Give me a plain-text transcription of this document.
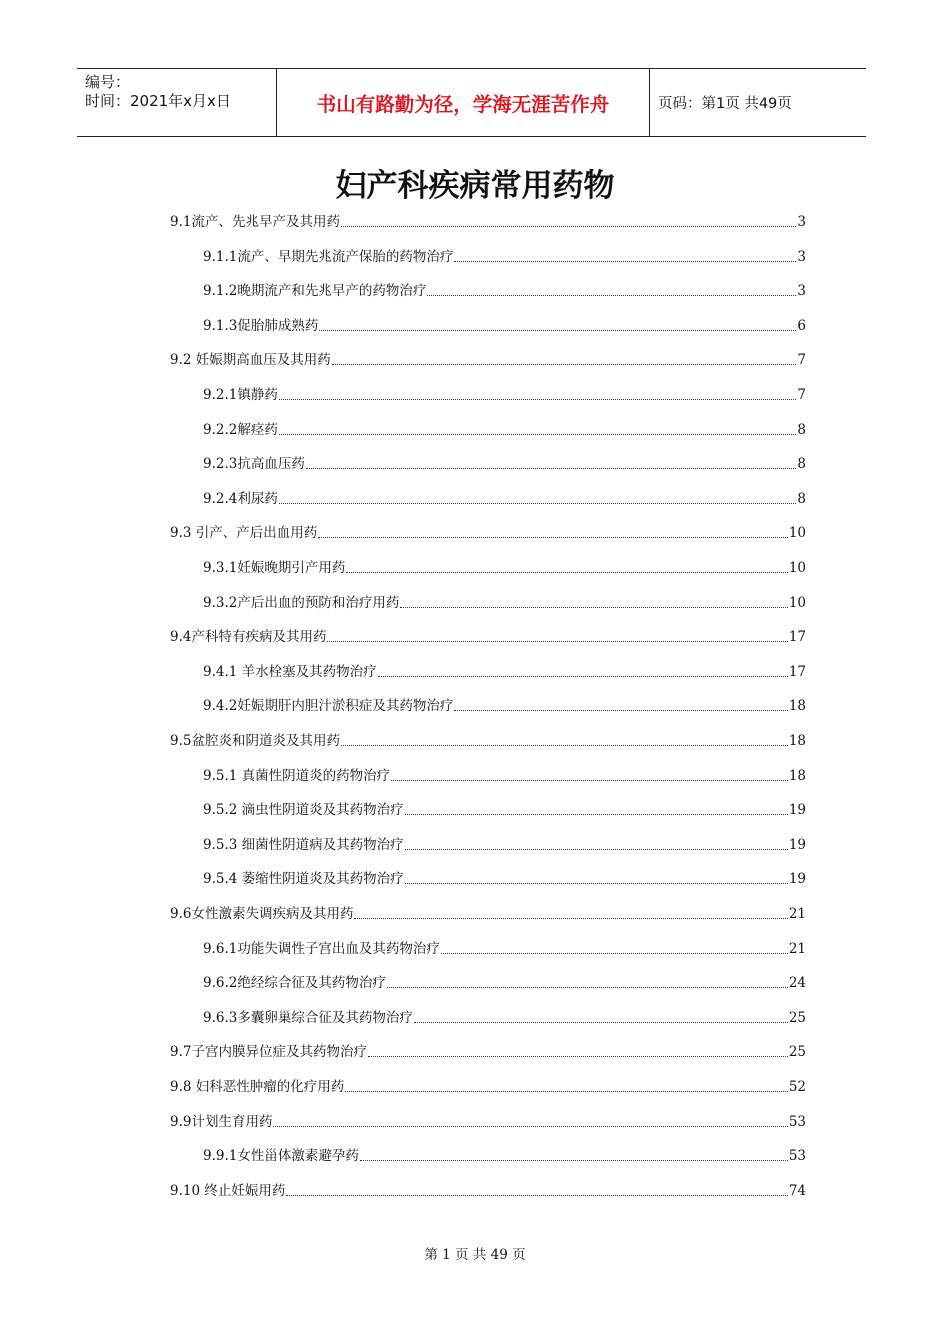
编号：
时间：2021年x月x日	书山有路勤为径，学海无涯苦作舟	页码：第1页 共49页
妇产科疾病常用药物
9.1流产、先兆早产及其用药	3
9.1.1流产、早期先兆流产保胎的药物治疗	3
9.1.2晚期流产和先兆早产的药物治疗	3
9.1.3促胎肺成熟药	6
9.2 妊娠期高血压及其用药	7
9.2.1镇静药	7
9.2.2解痉药	8
9.2.3抗高血压药	8
9.2.4利尿药	8
9.3 引产、产后出血用药	10
9.3.1妊娠晚期引产用药	10
9.3.2产后出血的预防和治疗用药	10
9.4产科特有疾病及其用药	17
9.4.1 羊水栓塞及其药物治疗	17
9.4.2妊娠期肝内胆汁淤积症及其药物治疗	18
9.5盆腔炎和阴道炎及其用药	18
9.5.1 真菌性阴道炎的药物治疗	18
9.5.2 滴虫性阴道炎及其药物治疗	19
9.5.3 细菌性阴道病及其药物治疗	19
9.5.4 萎缩性阴道炎及其药物治疗	19
9.6女性激素失调疾病及其用药	21
9.6.1功能失调性子宫出血及其药物治疗	21
9.6.2绝经综合征及其药物治疗	24
9.6.3多囊卵巢综合征及其药物治疗	25
9.7子宫内膜异位症及其药物治疗	25
9.8 妇科恶性肿瘤的化疗用药	52
9.9计划生育用药	53
9.9.1女性甾体激素避孕药	53
9.10 终止妊娠用药	74
第 1 页 共 49 页
